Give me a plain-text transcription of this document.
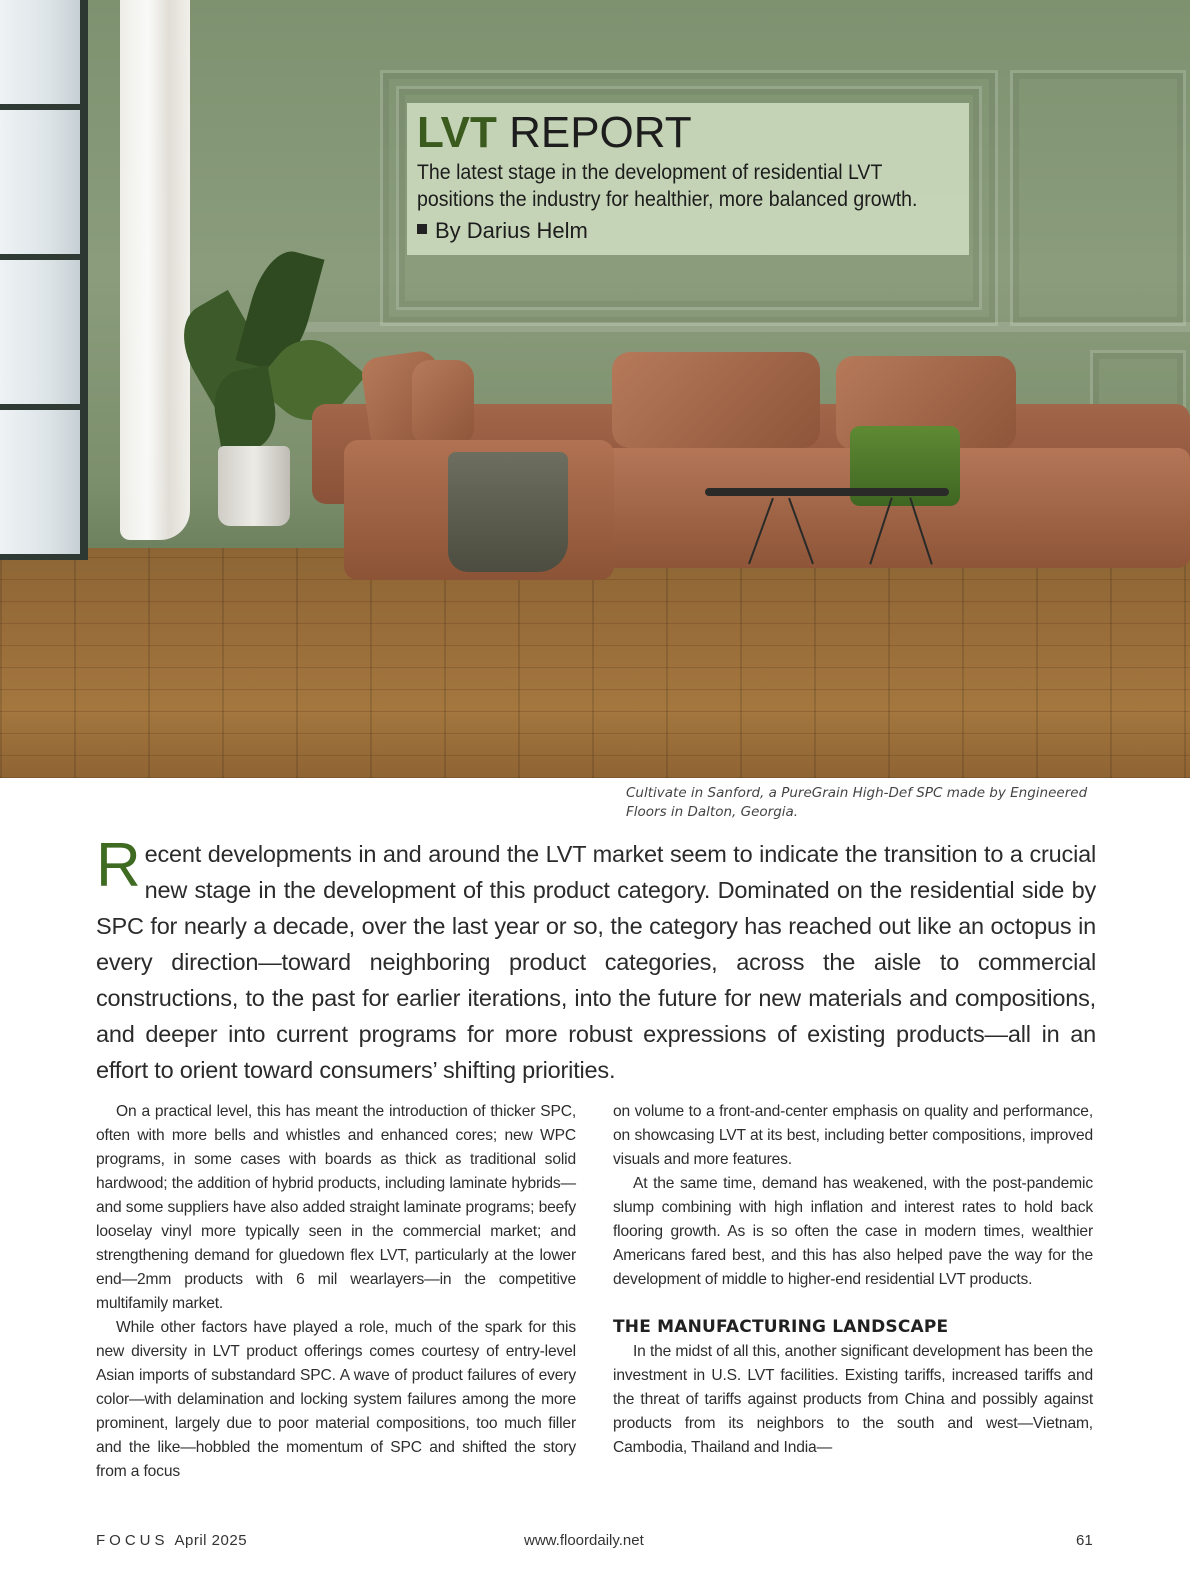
LVT REPORT
The latest stage in the development of residential LVT
positions the industry for healthier, more balanced growth.
By Darius Helm
Cultivate in Sanford, a PureGrain High-Def SPC made by Engineered Floors in Dalton, Georgia.
Recent developments in and around the LVT market seem to indicate the transition to a crucial new stage in the development of this product category. Dominated on the residential side by SPC for nearly a decade, over the last year or so, the category has reached out like an octopus in every direction—toward neighboring product categories, across the aisle to commercial constructions, to the past for earlier iterations, into the future for new materials and compositions, and deeper into current programs for more robust expressions of existing products—all in an effort to orient toward consumers’ shifting priorities.

On a practical level, this has meant the introduction of thicker SPC, often with more bells and whistles and enhanced cores; new WPC programs, in some cases with boards as thick as traditional solid hardwood; the addition of hybrid products, including laminate hybrids—and some suppliers have also added straight laminate programs; beefy looselay vinyl more typically seen in the commercial market; and strengthening demand for gluedown flex LVT, particularly at the lower end—2mm products with 6 mil wearlayers—in the competitive multifamily market.

While other factors have played a role, much of the spark for this new diversity in LVT product offerings comes courtesy of entry-level Asian imports of substandard SPC. A wave of product failures of every color—with delamination and locking system failures among the more prominent, largely due to poor material compositions, too much filler and the like—hobbled the momentum of SPC and shifted the story from a focus

on volume to a front-and-center emphasis on quality and performance, on showcasing LVT at its best, including better compositions, improved visuals and more features.

At the same time, demand has weakened, with the post-pandemic slump combining with high inflation and interest rates to hold back flooring growth. As is so often the case in modern times, wealthier Americans fared best, and this has also helped pave the way for the development of middle to higher-end residential LVT products.

THE MANUFACTURING LANDSCAPE

In the midst of all this, another significant development has been the investment in U.S. LVT facilities. Existing tariffs, increased tariffs and the threat of tariffs against products from China and possibly against products from its neighbors to the south and west—Vietnam, Cambodia, Thailand and India—

FOCUS April 2025	www.floordaily.net	61
